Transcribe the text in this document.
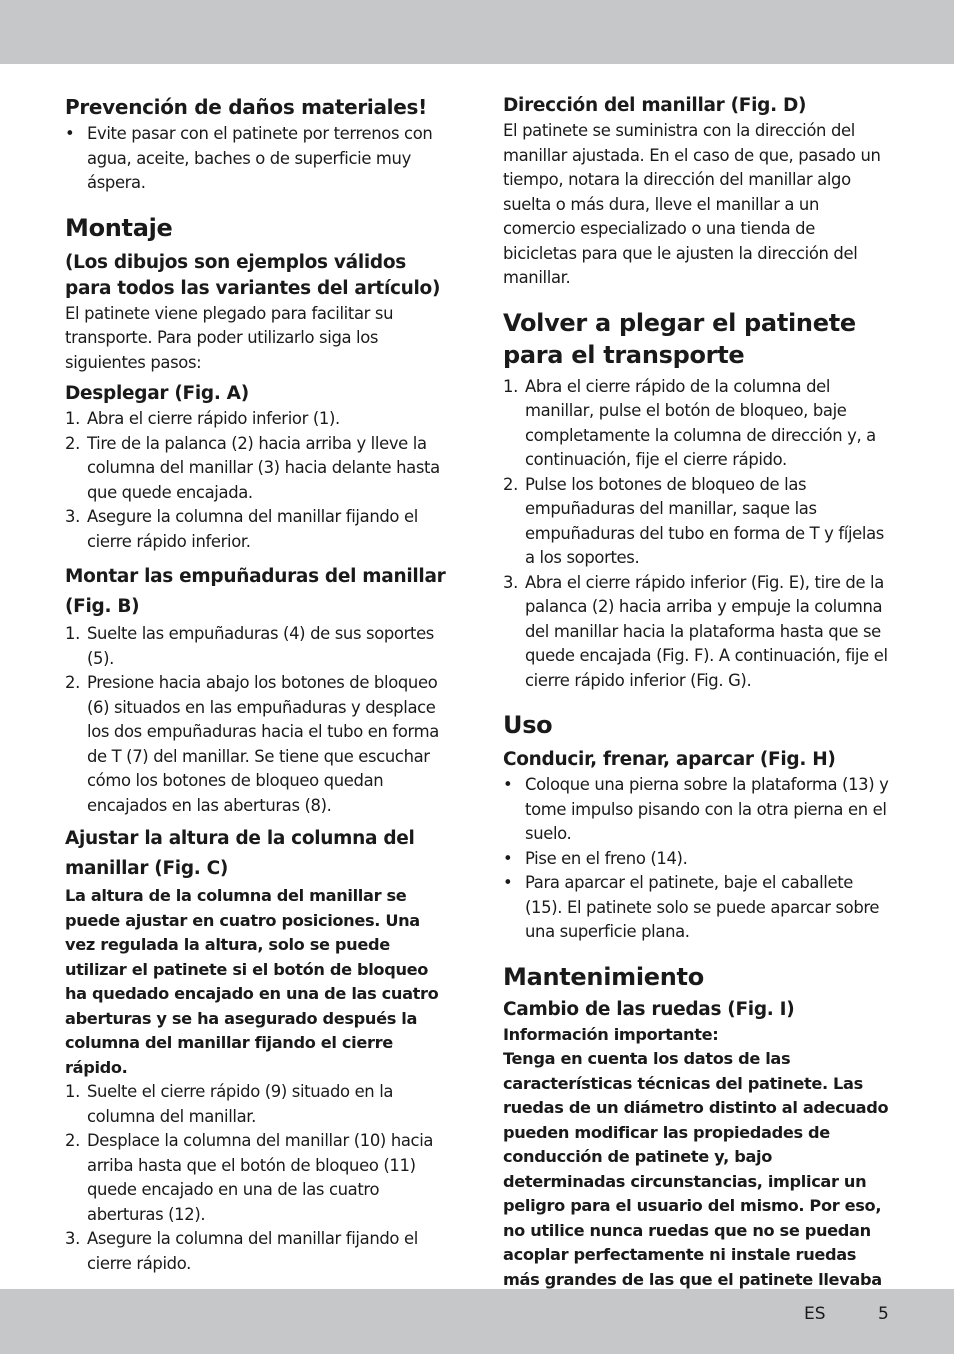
Prevención de daños materiales!
• Evite pasar con el patinete por terrenos con agua, aceite, baches o de superficie muy áspera.
Montaje
(Los dibujos son ejemplos válidos
para todos las variantes del artículo)

El patinete viene plegado para facilitar su transporte. Para poder utilizarlo siga los siguientes pasos:

Desplegar (Fig. A)
1. Abra el cierre rápido inferior (1).
2. Tire de la palanca (2) hacia arriba y lleve la columna del manillar (3) hacia delante hasta que quede encajada.
3. Asegure la columna del manillar fijando el cierre rápido inferior.
Montar las empuñaduras del manillar (Fig. B)
1. Suelte las empuñaduras (4) de sus soportes (5).
2. Presione hacia abajo los botones de bloqueo (6) situados en las empuñaduras y desplace los dos empuñaduras hacia el tubo en forma de T (7) del manillar. Se tiene que escuchar cómo los botones de bloqueo quedan encajados en las aberturas (8).
Ajustar la altura de la columna del manillar (Fig. C)

La altura de la columna del manillar se puede ajustar en cuatro posiciones. Una vez regulada la altura, solo se puede utilizar el patinete si el botón de bloqueo ha quedado encajado en una de las cuatro aberturas y se ha asegurado después la columna del manillar fijando el cierre rápido.

1. Suelte el cierre rápido (9) situado en la columna del manillar.
2. Desplace la columna del manillar (10) hacia arriba hasta que el botón de bloqueo (11) quede encajado en una de las cuatro aberturas (12).
3. Asegure la columna del manillar fijando el cierre rápido.
Dirección del manillar (Fig. D)

El patinete se suministra con la dirección del manillar ajustada. En el caso de que, pasado un tiempo, notara la dirección del manillar algo suelta o más dura, lleve el manillar a un comercio especializado o una tienda de bicicletas para que le ajusten la dirección del manillar.

Volver a plegar el patinete
para el transporte
1. Abra el cierre rápido de la columna del manillar, pulse el botón de bloqueo, baje completamente la columna de dirección y, a continuación, fije el cierre rápido.
2. Pulse los botones de bloqueo de las empuñaduras del manillar, saque las empuñaduras del tubo en forma de T y fíjelas a los soportes.
3. Abra el cierre rápido inferior (Fig. E), tire de la palanca (2) hacia arriba y empuje la columna del manillar hacia la plataforma hasta que se quede encajada (Fig. F). A continuación, fije el cierre rápido inferior (Fig. G).
Uso
Conducir, frenar, aparcar (Fig. H)
• Coloque una pierna sobre la plataforma (13) y tome impulso pisando con la otra pierna en el suelo.
• Pise en el freno (14).
• Para aparcar el patinete, baje el caballete (15). El patinete solo se puede aparcar sobre una superficie plana.
Mantenimiento
Cambio de las ruedas (Fig. I)

Información importante:

Tenga en cuenta los datos de las características técnicas del patinete. Las ruedas de un diámetro distinto al adecuado pueden modificar las propiedades de conducción de patinete y, bajo determinadas circunstancias, implicar un peligro para el usuario del mismo. Por eso, no utilice nunca ruedas que no se puedan acoplar perfectamente ni instale ruedas más grandes de las que el patinete llevaba

ES	5
